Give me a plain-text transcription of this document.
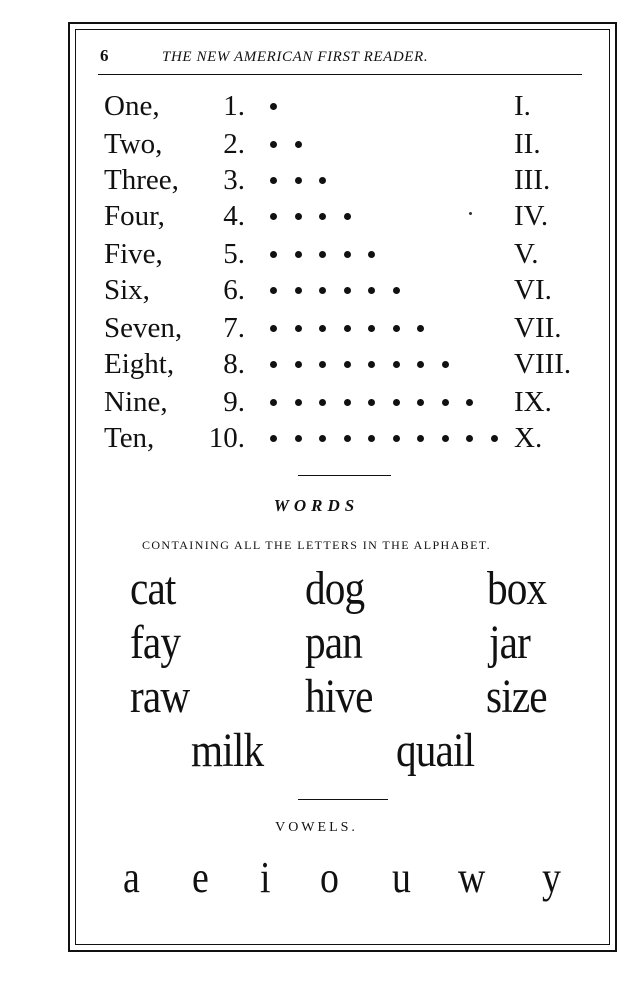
6	THE NEW AMERICAN FIRST READER.
One,	1.	I.
Two,	2.	II.
Three,	3.	III.
Four,	4.	IV.
Five,	5.	V.
Six,	6.	VI.
Seven,	7.	VII.
Eight,	8.	VIII.
Nine,	9.	IX.
Ten,	10.	X.
WORDS
CONTAINING ALL THE LETTERS IN THE ALPHABET.
cat	dog	box
fay	pan	jar
raw hive size
milk	quail
VOWELS.
a e i o u w y
